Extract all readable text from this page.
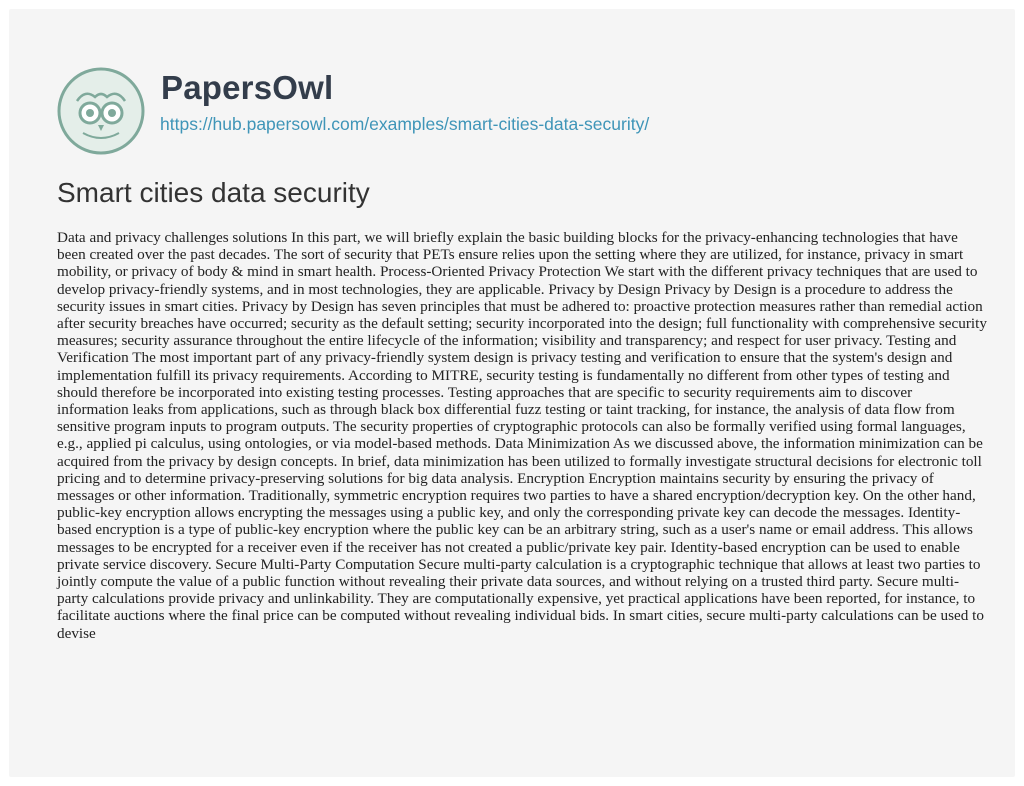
PapersOwl
https://hub.papersowl.com/examples/smart-cities-data-security/
Smart cities data security

Data and privacy challenges solutions In this part, we will briefly explain the basic building blocks for the privacy-enhancing technologies that have been created over the past decades. The sort of security that PETs ensure relies upon the setting where they are utilized, for instance, privacy in smart mobility, or privacy of body & mind in smart health. Process-Oriented Privacy Protection We start with the different privacy techniques that are used to develop privacy-friendly systems, and in most technologies, they are applicable. Privacy by Design Privacy by Design is a procedure to address the security issues in smart cities. Privacy by Design has seven principles that must be adhered to: proactive protection measures rather than remedial action after security breaches have occurred; security as the default setting; security incorporated into the design; full functionality with comprehensive security measures; security assurance throughout the entire lifecycle of the information; visibility and transparency; and respect for user privacy. Testing and Verification The most important part of any privacy-friendly system design is privacy testing and verification to ensure that the system's design and implementation fulfill its privacy requirements. According to MITRE, security testing is fundamentally no different from other types of testing and should therefore be incorporated into existing testing processes. Testing approaches that are specific to security requirements aim to discover information leaks from applications, such as through black box differential fuzz testing or taint tracking, for instance, the analysis of data flow from sensitive program inputs to program outputs. The security properties of cryptographic protocols can also be formally verified using formal languages, e.g., applied pi calculus, using ontologies, or via model-based methods. Data Minimization As we discussed above, the information minimization can be acquired from the privacy by design concepts. In brief, data minimization has been utilized to formally investigate structural decisions for electronic toll pricing and to determine privacy-preserving solutions for big data analysis. Encryption Encryption maintains security by ensuring the privacy of messages or other information. Traditionally, symmetric encryption requires two parties to have a shared encryption/decryption key. On the other hand, public-key encryption allows encrypting the messages using a public key, and only the corresponding private key can decode the messages. Identity-based encryption is a type of public-key encryption where the public key can be an arbitrary string, such as a user's name or email address. This allows messages to be encrypted for a receiver even if the receiver has not created a public/private key pair. Identity-based encryption can be used to enable private service discovery. Secure Multi-Party Computation Secure multi-party calculation is a cryptographic technique that allows at least two parties to jointly compute the value of a public function without revealing their private data sources, and without relying on a trusted third party. Secure multi-party calculations provide privacy and unlinkability. They are computationally expensive, yet practical applications have been reported, for instance, to facilitate auctions where the final price can be computed without revealing individual bids. In smart cities, secure multi-party calculations can be used to devise
